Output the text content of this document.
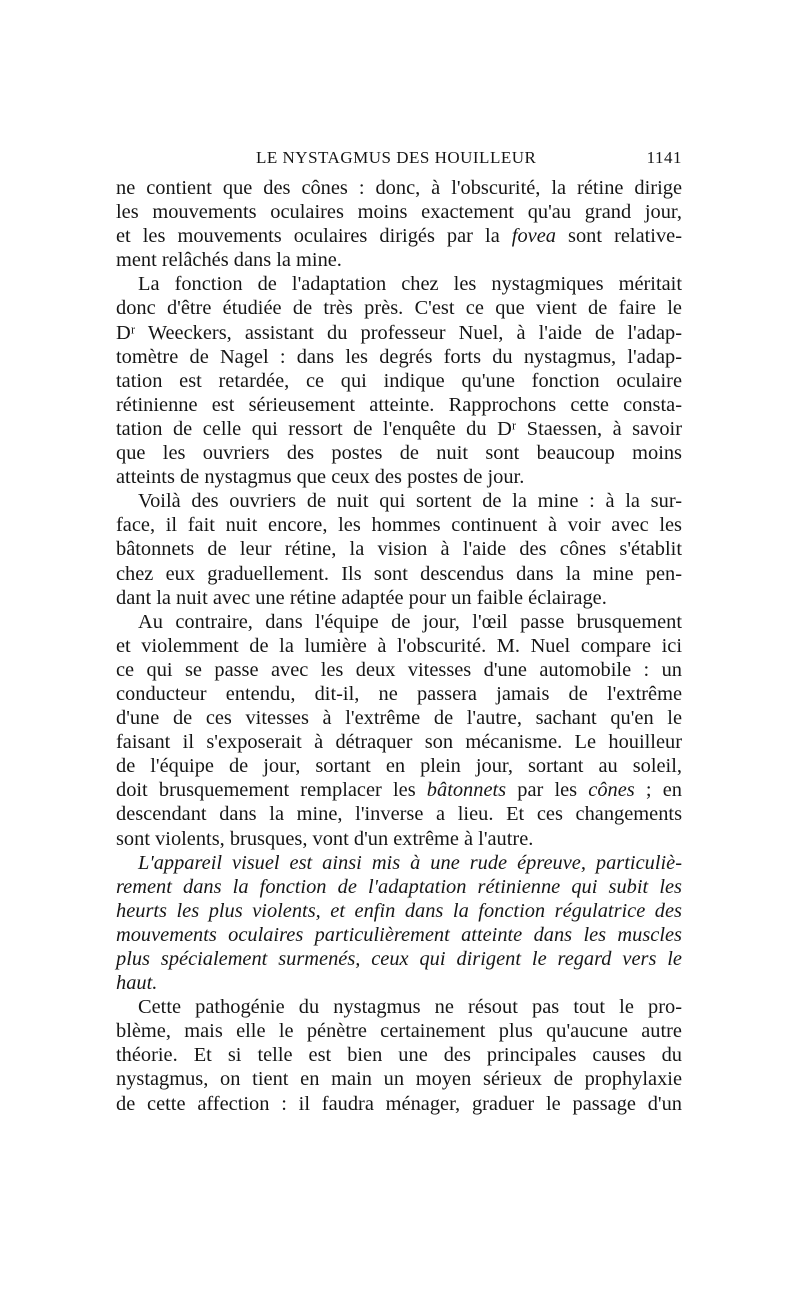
LE NYSTAGMUS DES HOUILLEUR	1141
ne contient que des cônes : donc, à l'obscurité, la rétine dirige
les mouvements oculaires moins exactement qu'au grand jour,
et les mouvements oculaires dirigés par la fovea sont relative-
ment relâchés dans la mine.
La fonction de l'adaptation chez les nystagmiques méritait
donc d'être étudiée de très près. C'est ce que vient de faire le
Dʳ Weeckers, assistant du professeur Nuel, à l'aide de l'adap-
tomètre de Nagel : dans les degrés forts du nystagmus, l'adap-
tation est retardée, ce qui indique qu'une fonction oculaire
rétinienne est sérieusement atteinte. Rapprochons cette consta-
tation de celle qui ressort de l'enquête du Dʳ Staessen, à savoir
que les ouvriers des postes de nuit sont beaucoup moins
atteints de nystagmus que ceux des postes de jour.
Voilà des ouvriers de nuit qui sortent de la mine : à la sur-
face, il fait nuit encore, les hommes continuent à voir avec les
bâtonnets de leur rétine, la vision à l'aide des cônes s'établit
chez eux graduellement. Ils sont descendus dans la mine pen-
dant la nuit avec une rétine adaptée pour un faible éclairage.
Au contraire, dans l'équipe de jour, l'œil passe brusquement
et violemment de la lumière à l'obscurité. M. Nuel compare ici
ce qui se passe avec les deux vitesses d'une automobile : un
conducteur entendu, dit-il, ne passera jamais de l'extrême
d'une de ces vitesses à l'extrême de l'autre, sachant qu'en le
faisant il s'exposerait à détraquer son mécanisme. Le houilleur
de l'équipe de jour, sortant en plein jour, sortant au soleil,
doit brusquemement remplacer les bâtonnets par les cônes ; en
descendant dans la mine, l'inverse a lieu. Et ces changements
sont violents, brusques, vont d'un extrême à l'autre.
L'appareil visuel est ainsi mis à une rude épreuve, particuliè-
rement dans la fonction de l'adaptation rétinienne qui subit les
heurts les plus violents, et enfin dans la fonction régulatrice des
mouvements oculaires particulièrement atteinte dans les muscles
plus spécialement surmenés, ceux qui dirigent le regard vers le
haut.
Cette pathogénie du nystagmus ne résout pas tout le pro-
blème, mais elle le pénètre certainement plus qu'aucune autre
théorie. Et si telle est bien une des principales causes du
nystagmus, on tient en main un moyen sérieux de prophylaxie
de cette affection : il faudra ménager, graduer le passage d'un
